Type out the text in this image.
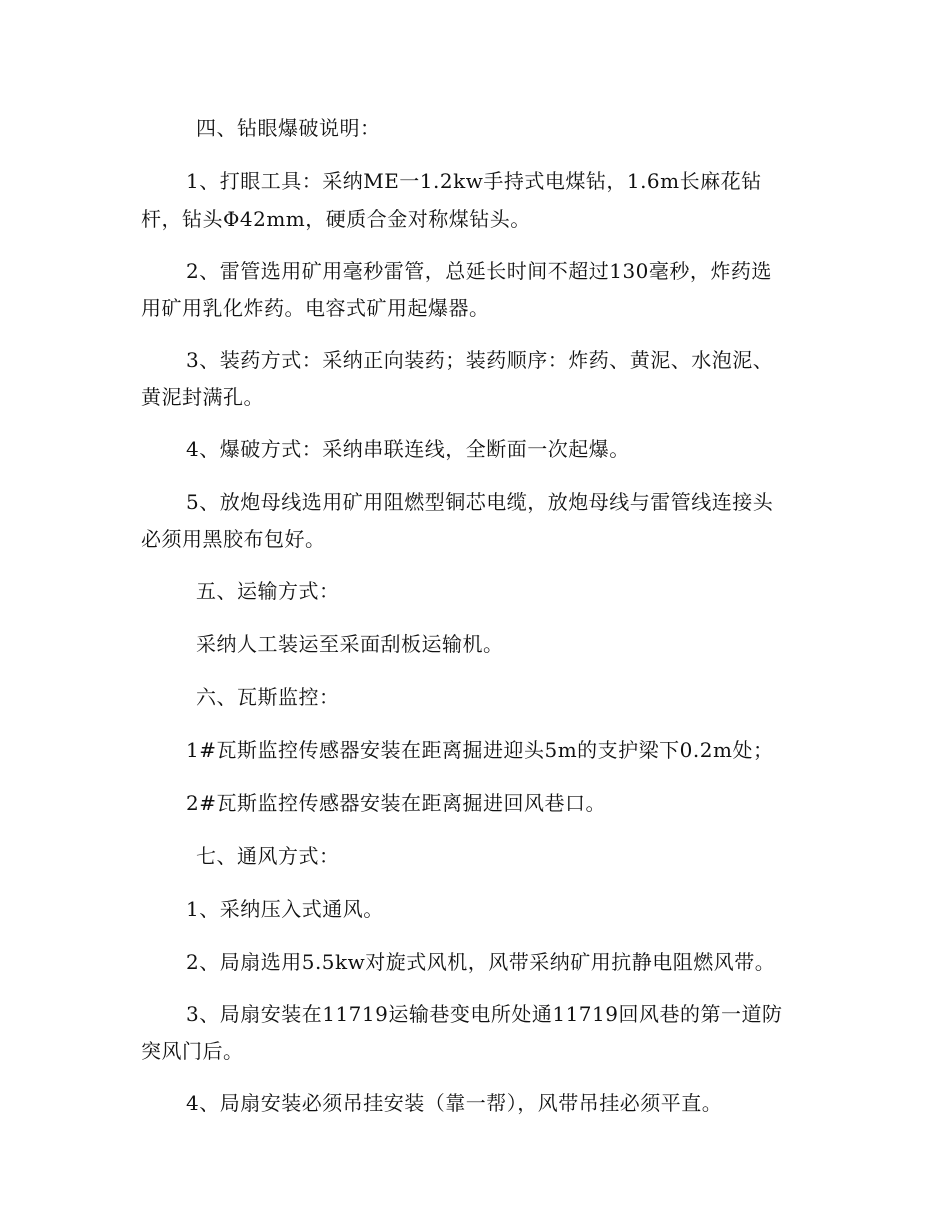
四、钻眼爆破说明：

1、打眼工具：采纳ME一1.2kw手持式电煤钻，1.6m长麻花钻

杆，钻头Φ42mm，硬质合金对称煤钻头。

2、雷管选用矿用毫秒雷管，总延长时间不超过130毫秒，炸药选

用矿用乳化炸药。电容式矿用起爆器。

3、装药方式：采纳正向装药；装药顺序：炸药、黄泥、水泡泥、

黄泥封满孔。

4、爆破方式：采纳串联连线，全断面一次起爆。

5、放炮母线选用矿用阻燃型铜芯电缆，放炮母线与雷管线连接头

必须用黑胶布包好。

五、运输方式：

采纳人工装运至采面刮板运输机。

六、瓦斯监控：

1#瓦斯监控传感器安装在距离掘进迎头5m的支护梁下0.2m处；

2#瓦斯监控传感器安装在距离掘进回风巷口。

七、通风方式：

1、采纳压入式通风。

2、局扇选用5.5kw对旋式风机，风带采纳矿用抗静电阻燃风带。

3、局扇安装在11719运输巷变电所处通11719回风巷的第一道防

突风门后。

4、局扇安装必须吊挂安装（靠一帮），风带吊挂必须平直。
